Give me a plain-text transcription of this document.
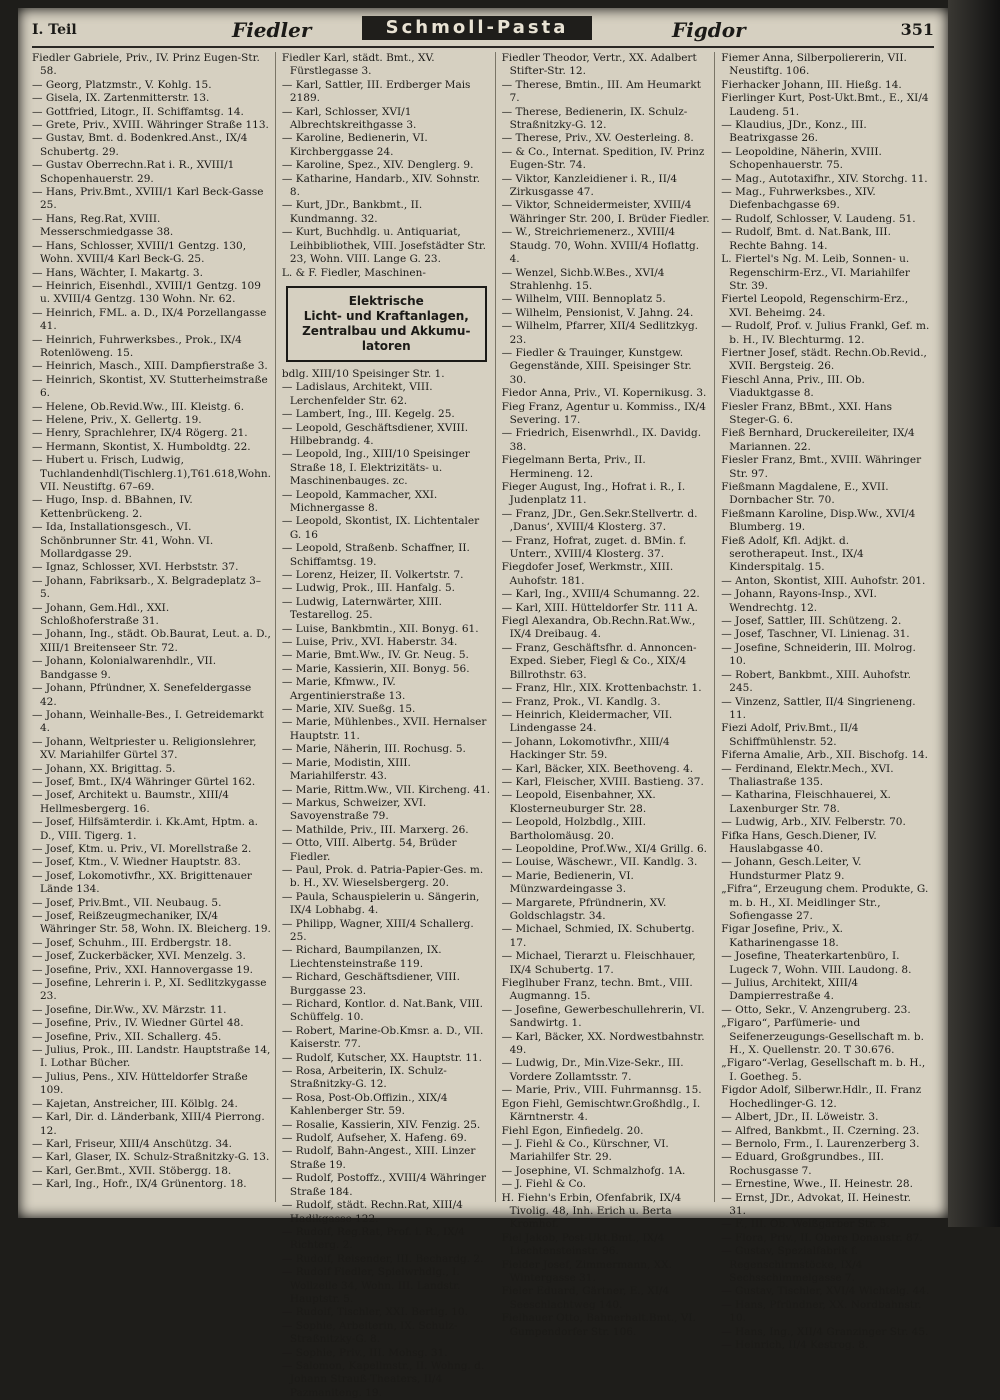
I. Teil	Fiedler	Schmoll-Pasta	Figdor	351

Fiedler Gabriele, Priv., IV. Prinz Eugen-Str. 58.

— Georg, Platzmstr., V. Kohlg. 15.

— Gisela, IX. Zartenmitterstr. 13.

— Gottfried, Litogr., II. Schiffamtsg. 14.

— Grete, Priv., XVIII. Währinger Straße 113.

— Gustav, Bmt. d. Bodenkred.Anst., IX/4 Schubertg. 29.

— Gustav Oberrechn.Rat i. R., XVIII/1 Schopenhauerstr. 29.

— Hans, Priv.Bmt., XVIII/1 Karl Beck-Gasse 25.

— Hans, Reg.Rat, XVIII. Messerschmiedgasse 38.

— Hans, Schlosser, XVIII/1 Gentzg. 130, Wohn. XVIII/4 Karl Beck-G. 25.

— Hans, Wächter, I. Makartg. 3.

— Heinrich, Eisenhdl., XVIII/1 Gentzg. 109 u. XVIII/4 Gentzg. 130 Wohn. Nr. 62.

— Heinrich, FML. a. D., IX/4 Porzellangasse 41.

— Heinrich, Fuhrwerksbes., Prok., IX/4 Rotenlöweng. 15.

— Heinrich, Masch., XIII. Dampfierstraße 3.

— Heinrich, Skontist, XV. Stutterheimstraße 6.

— Helene, Ob.Revid.Ww., III. Kleistg. 6.

— Helene, Priv., X. Gellertg. 19.

— Henry, Sprachlehrer, IX/4 Rögerg. 21.

— Hermann, Skontist, X. Humboldtg. 22.

— Hubert u. Frisch, Ludwig, Tuchlandenhdl(Tischlerg.1),T61.618,Wohn. VII. Neustiftg. 67–69.

— Hugo, Insp. d. BBahnen, IV. Kettenbrückeng. 2.

— Ida, Installationsgesch., VI. Schönbrunner Str. 41, Wohn. VI. Mollardgasse 29.

— Ignaz, Schlosser, XVI. Herbststr. 37.

— Johann, Fabriksarb., X. Belgradeplatz 3–5.

— Johann, Gem.Hdl., XXI. Schloßhoferstraße 31.

— Johann, Ing., städt. Ob.Baurat, Leut. a. D., XIII/1 Breitenseer Str. 72.

— Johann, Kolonialwarenhdlr., VII. Bandgasse 9.

— Johann, Pfründner, X. Senefeldergasse 42.

— Johann, Weinhalle-Bes., I. Getreidemarkt 4.

— Johann, Weltpriester u. Religionslehrer, XV. Mariahilfer Gürtel 37.

— Johann, XX. Brigittag. 5.

— Josef, Bmt., IX/4 Währinger Gürtel 162.

— Josef, Architekt u. Baumstr., XIII/4 Hellmesbergerg. 16.

— Josef, Hilfsämterdir. i. Kk.Amt, Hptm. a. D., VIII. Tigerg. 1.

— Josef, Ktm. u. Priv., VI. Morellstraße 2.

— Josef, Ktm., V. Wiedner Hauptstr. 83.

— Josef, Lokomotivfhr., XX. Brigittenauer Lände 134.

— Josef, Priv.Bmt., VII. Neubaug. 5.

— Josef, Reißzeugmechaniker, IX/4 Währinger Str. 58, Wohn. IX. Bleicherg. 19.

— Josef, Schuhm., III. Erdbergstr. 18.

— Josef, Zuckerbäcker, XVI. Menzelg. 3.

— Josefine, Priv., XXI. Hannovergasse 19.

— Josefine, Lehrerin i. P., XI. Sedlitzkygasse 23.

— Josefine, Dir.Ww., XV. Märzstr. 11.

— Josefine, Priv., IV. Wiedner Gürtel 48.

— Josefine, Priv., XII. Schallerg. 45.

— Julius, Prok., III. Landstr. Hauptstraße 14, I. Lothar Bücher.

— Julius, Pens., XIV. Hütteldorfer Straße 109.

— Kajetan, Anstreicher, III. Kölblg. 24.

— Karl, Dir. d. Länderbank, XIII/4 Pierrong. 12.

— Karl, Friseur, XIII/4 Anschützg. 34.

— Karl, Glaser, IX. Schulz-Straßnitzky-G. 13.

— Karl, Ger.Bmt., XVII. Stöbergg. 18.

— Karl, Ing., Hofr., IX/4 Grünentorg. 18.

Fiedler Karl, städt. Bmt., XV. Fürstlegasse 3.

— Karl, Sattler, III. Erdberger Mais 2189.

— Karl, Schlosser, XVI/1 Albrechtskreithgasse 3.

— Karoline, Bedienerin, VI. Kirchberggasse 24.

— Karoline, Spez., XIV. Denglerg. 9.

— Katharine, Handarb., XIV. Sohnstr. 8.

— Kurt, JDr., Bankbmt., II. Kundmanng. 32.

— Kurt, Buchhdlg. u. Antiquariat, Leihbibliothek, VIII. Josefstädter Str. 23, Wohn. VIII. Lange G. 23.

L. & F. Fiedler, Maschinen-

Elektrische
Licht- und Kraftanlagen,
Zentralbau und Akkumu-
latoren

bdlg. XIII/10 Speisinger Str. 1.

— Ladislaus, Architekt, VIII. Lerchenfelder Str. 62.

— Lambert, Ing., III. Kegelg. 25.

— Leopold, Geschäftsdiener, XVIII. Hilbebrandg. 4.

— Leopold, Ing., XIII/10 Speisinger Straße 18, I. Elektrizitäts- u. Maschinenbauges. zc.

— Leopold, Kammacher, XXI. Michnergasse 8.

— Leopold, Skontist, IX. Lichtentaler G. 16

— Leopold, Straßenb. Schaffner, II. Schiffamtsg. 19.

— Lorenz, Heizer, II. Volkertstr. 7.

— Ludwig, Prok., III. Hanfalg. 5.

— Ludwig, Laternwärter, XIII. Testarellog. 25.

— Luise, Bankbmtin., XII. Bonyg. 61.

— Luise, Priv., XVI. Haberstr. 34.

— Marie, Bmt.Ww., IV. Gr. Neug. 5.

— Marie, Kassierin, XII. Bonyg. 56.

— Marie, Kfmww., IV. Argentinierstraße 13.

— Marie, XIV. Sueßg. 15.

— Marie, Mühlenbes., XVII. Hernalser Hauptstr. 11.

— Marie, Näherin, III. Rochusg. 5.

— Marie, Modistin, XIII. Mariahilferstr. 43.

— Marie, Rittm.Ww., VII. Kircheng. 41.

— Markus, Schweizer, XVI. Savoyenstraße 79.

— Mathilde, Priv., III. Marxerg. 26.

— Otto, VIII. Albertg. 54, Brüder Fiedler.

— Paul, Prok. d. Patria-Papier-Ges. m. b. H., XV. Wieselsbergerg. 20.

— Paula, Schauspielerin u. Sängerin, IX/4 Lobhabg. 4.

— Philipp, Wagner, XIII/4 Schallerg. 25.

— Richard, Baumpilanzen, IX. Liechtensteinstraße 119.

— Richard, Geschäftsdiener, VIII. Burggasse 23.

— Richard, Kontlor. d. Nat.Bank, VIII. Schüffelg. 10.

— Robert, Marine-Ob.Kmsr. a. D., VII. Kaiserstr. 77.

— Rudolf, Kutscher, XX. Hauptstr. 11.

— Rosa, Arbeiterin, IX. Schulz-Straßnitzky-G. 12.

— Rosa, Post-Ob.Offizin., XIX/4 Kahlenberger Str. 59.

— Rosalie, Kassierin, XIV. Fenzig. 25.

— Rudolf, Aufseher, X. Hafeng. 69.

— Rudolf, Bahn-Angest., XIII. Linzer Straße 19.

— Rudolf, Postoffz., XVIII/4 Währinger Straße 184.

— Rudolf, städt. Rechn.Rat, XIII/4 Hadikgasse 122.

— Rudolf, Reg.Rat, Prof. i. R., IX/4 Richterg. 2.

— Rudolf, Reisender, III. Bechardg. 2.

— Rudolf Fiedler, Spielwrhdlg., I. Wollzeile 34, Wohn. III. Landstr. Hauptstr. 5.

— Rudolf, Tischler, XXI. Bertlg. 10.

— Sophie, Arbeiterin, IX. Schulz-Straßnitzky-G. 8.

— Sophie, Priv., III. Mohsg. 31.

— Salomon, Kapellmstr., II. Wohng. d. Johann Strauß-Theaters, II/4 Pazmaniteng. 19.

Fiedler Theodor, Vertr., XX. Adalbert Stifter-Str. 12.

— Therese, Bmtin., III. Am Heumarkt 7.

— Therese, Bedienerin, IX. Schulz-Straßnitzky-G. 12.

— Therese, Priv., XV. Oesterleing. 8.

— & Co., Internat. Spedition, IV. Prinz Eugen-Str. 74.

— Viktor, Kanzleidiener i. R., II/4 Zirkusgasse 47.

— Viktor, Schneidermeister, XVIII/4 Währinger Str. 200, I. Brüder Fiedler.

— W., Streichriemenerz., XVIII/4 Staudg. 70, Wohn. XVIII/4 Hoflattg. 4.

— Wenzel, Sichb.W.Bes., XVI/4 Strahlenhg. 15.

— Wilhelm, VIII. Bennoplatz 5.

— Wilhelm, Pensionist, V. Jahng. 24.

— Wilhelm, Pfarrer, XII/4 Sedlitzkyg. 23.

— Fiedler & Trauinger, Kunstgew. Gegenstände, XIII. Speisinger Str. 30.

Fiedor Anna, Priv., VI. Kopernikusg. 3.

Fieg Franz, Agentur u. Kommiss., IX/4 Severing. 17.

— Friedrich, Eisenwrhdl., IX. Davidg. 38.

Fiegelmann Berta, Priv., II. Hermineng. 12.

Fieger August, Ing., Hofrat i. R., I. Judenplatz 11.

— Franz, JDr., Gen.Sekr.Stellvertr. d. ‚Danus‘, XVIII/4 Klosterg. 37.

— Franz, Hofrat, zuget. d. BMin. f. Unterr., XVIII/4 Klosterg. 37.

Fiegdofer Josef, Werkmstr., XIII. Auhofstr. 181.

— Karl, Ing., XVIII/4 Schumanng. 22.

— Karl, XIII. Hütteldorfer Str. 111 A.

Fiegl Alexandra, Ob.Rechn.Rat.Ww., IX/4 Dreibaug. 4.

— Franz, Geschäftsfhr. d. Annoncen-Exped. Sieber, Fiegl & Co., XIX/4 Billrothstr. 63.

— Franz, Hlr., XIX. Krottenbachstr. 1.

— Franz, Prok., VI. Kandlg. 3.

— Heinrich, Kleidermacher, VII. Lindengasse 24.

— Johann, Lokomotivfhr., XIII/4 Hackinger Str. 59.

— Karl, Bäcker, XIX. Beethoveng. 4.

— Karl, Fleischer, XVIII. Bastieng. 37.

— Leopold, Eisenbahner, XX. Klosterneuburger Str. 28.

— Leopold, Holzbdlg., XIII. Bartholomäusg. 20.

— Leopoldine, Prof.Ww., XI/4 Grillg. 6.

— Louise, Wäschewr., VII. Kandlg. 3.

— Marie, Bedienerin, VI. Münzwardeingasse 3.

— Margarete, Pfründnerin, XV. Goldschlagstr. 34.

— Michael, Schmied, IX. Schubertg. 17.

— Michael, Tierarzt u. Fleischhauer, IX/4 Schubertg. 17.

Fieglhuber Franz, techn. Bmt., VIII. Augmanng. 15.

— Josefine, Gewerbeschullehrerin, VI. Sandwirtg. 1.

— Karl, Bäcker, XX. Nordwestbahnstr. 49.

— Ludwig, Dr., Min.Vize-Sekr., III. Vordere Zollamtsstr. 7.

— Marie, Priv., VIII. Fuhrmannsg. 15.

Egon Fiehl, Gemischtwr.Großhdlg., I. Kärntnerstr. 4.

Fiehl Egon, Einfiedelg. 20.

— J. Fiehl & Co., Kürschner, VI. Mariahilfer Str. 29.

— Josephine, VI. Schmalzhofg. 1A.

— J. Fiehl & Co.

H. Fiehn's Erbin, Ofenfabrik, IX/4 Tivolig. 48, Inh. Erich u. Berta Kromhof.

Fiel Jakob, Post-Ukt.Bmt., IX/4 Liechtensteinstr. 96.

Fielder Josef, Zimmermann, XX. Wintergasse 31.

Fieler Eduard, Gärtner, E., XI/4 Seeschlachtweg 140.

Fielhauer Otto, Bahnerhalt.Bmt., VI. Gumpendorfer Str. 106.

Fiemer Anna, Silberpoliererin, VII. Neustiftg. 106.

Fierhacker Johann, III. Hießg. 14.

Fierlinger Kurt, Post-Ukt.Bmt., E., XI/4 Laudeng. 51.

— Klaudius, JDr., Konz., III. Beatrixgasse 26.

— Leopoldine, Näherin, XVIII. Schopenhauerstr. 75.

— Mag., Autotaxifhr., XIV. Storchg. 11.

— Mag., Fuhrwerksbes., XIV. Diefenbachgasse 69.

— Rudolf, Schlosser, V. Laudeng. 51.

— Rudolf, Bmt. d. Nat.Bank, III. Rechte Bahng. 14.

L. Fiertel's Ng. M. Leib, Sonnen- u. Regenschirm-Erz., VI. Mariahilfer Str. 39.

Fiertel Leopold, Regenschirm-Erz., XVI. Beheimg. 24.

— Rudolf, Prof. v. Julius Frankl, Gef. m. b. H., IV. Blechturmg. 12.

Fiertner Josef, städt. Rechn.Ob.Revid., XVII. Bergsteig. 26.

Fieschl Anna, Priv., III. Ob. Viaduktgasse 8.

Fiesler Franz, BBmt., XXI. Hans Steger-G. 6.

Fieß Bernhard, Druckereileiter, IX/4 Mariannen. 22.

Fiesler Franz, Bmt., XVIII. Währinger Str. 97.

Fießmann Magdalene, E., XVII. Dornbacher Str. 70.

Fießmann Karoline, Disp.Ww., XVI/4 Blumberg. 19.

Fieß Adolf, Kfl. Adjkt. d. serotherapeut. Inst., IX/4 Kinderspitalg. 15.

— Anton, Skontist, XIII. Auhofstr. 201.

— Johann, Rayons-Insp., XVI. Wendrechtg. 12.

— Josef, Sattler, III. Schützeng. 2.

— Josef, Taschner, VI. Linienag. 31.

— Josefine, Schneiderin, III. Molrog. 10.

— Robert, Bankbmt., XIII. Auhofstr. 245.

— Vinzenz, Sattler, II/4 Singrieneng. 11.

Fiezi Adolf, Priv.Bmt., II/4 Schiffmühlenstr. 52.

Fiferna Amalie, Arb., XII. Bischofg. 14.

— Ferdinand, Elektr.Mech., XVI. Thaliastraße 135.

— Katharina, Fleischhauerei, X. Laxenburger Str. 78.

— Ludwig, Arb., XIV. Felberstr. 70.

Fifka Hans, Gesch.Diener, IV. Hauslabgasse 40.

— Johann, Gesch.Leiter, V. Hundsturmer Platz 9.

„Fifra“, Erzeugung chem. Produkte, G. m. b. H., XI. Meidlinger Str., Sofiengasse 27.

Figar Josefine, Priv., X. Katharinengasse 18.

— Josefine, Theaterkartenbüro, I. Lugeck 7, Wohn. VIII. Laudong. 8.

— Julius, Architekt, XIII/4 Dampierrestraße 4.

— Otto, Sekr., V. Anzengruberg. 23.

„Figaro“, Parfümerie- und Seifenerzeugungs-Gesellschaft m. b. H., X. Quellenstr. 20. T 30.676.

„Figaro“-Verlag, Gesellschaft m. b. H., I. Goetheg. 5.

Figdor Adolf, Silberwr.Hdlr., II. Franz Hochedlinger-G. 12.

— Albert, JDr., II. Löweistr. 3.

— Alfred, Bankbmt., II. Czerning. 23.

— Bernolo, Frm., I. Laurenzerberg 3.

— Eduard, Großgrundbes., III. Rochusgasse 7.

— Ernestine, Wwe., II. Heinestr. 28.

— Ernst, JDr., Advokat, II. Heinestr. 31.

— F., III. Ob. Weißgärber Str. 5.

— Flora, Priv., II. Obere Donaustr. 87.

— Gustav, Spezialfabrik f. Regenschirmstöcke, IX/4 Sechsschimmelgasse 7.

— Gustav, Tischler, XVI/4 Wichtelg. 44.

— Hans, Pfründner, XX. Nordbahnstr. 10.

— Hans, Ing., XII/4 Granzinger Str. 45.

— Heinrich, II/4 Kestrog. 8.
